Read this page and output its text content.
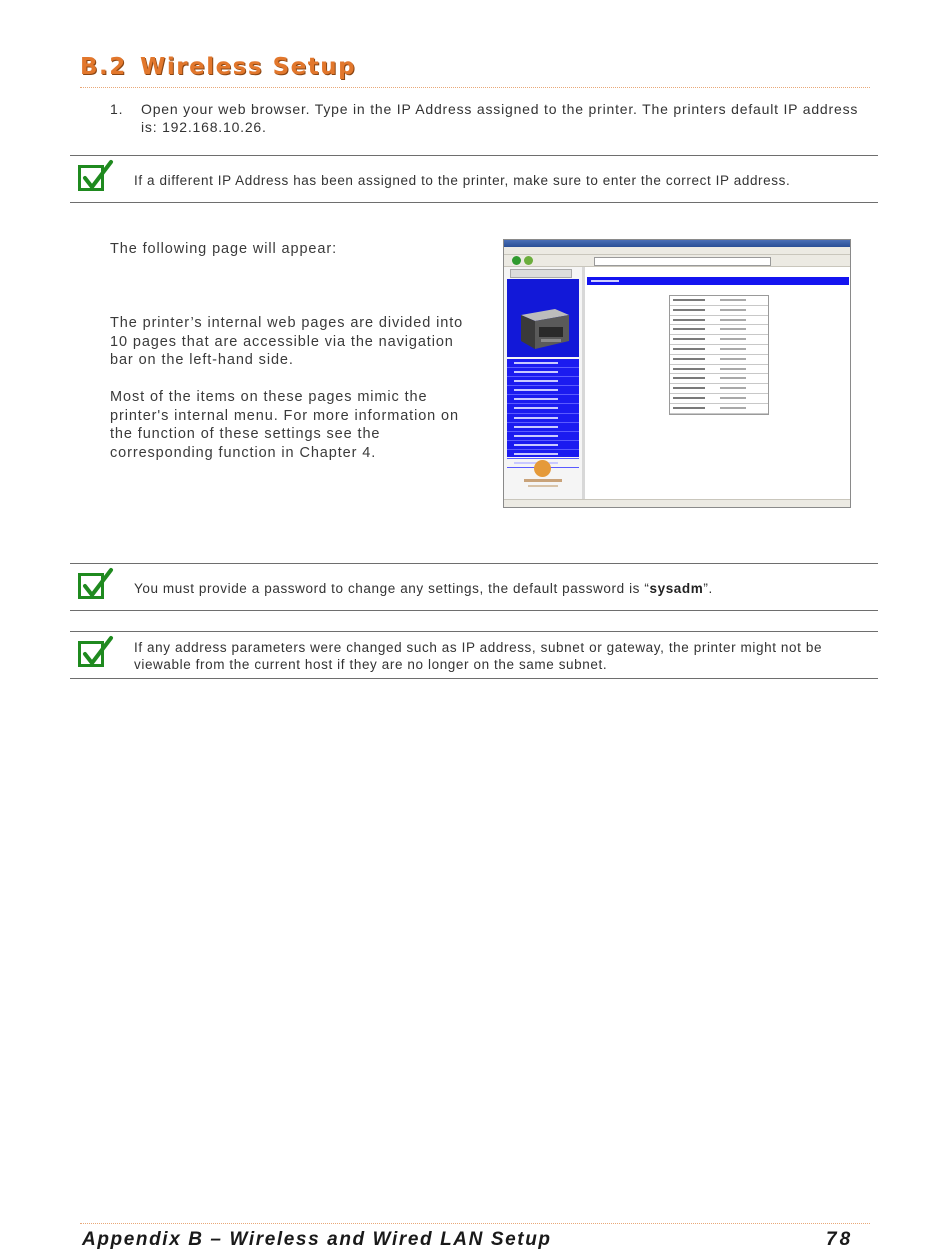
B.2 Wireless Setup
1. Open your web browser. Type in the IP Address assigned to the printer. The printers default IP address is: 192.168.10.26.
If a different IP Address has been assigned to the printer, make sure to enter the correct IP address.
The following page will appear:
The printer’s internal web pages are divided into 10 pages that are accessible via the navigation bar on the left-hand side.
Most of the items on these pages mimic the printer's internal menu. For more information on the function of these settings see the corresponding function in Chapter 4.
You must provide a password to change any settings, the default password is “sysadm”.
If any address parameters were changed such as IP address, subnet or gateway, the printer might not be viewable from the current host if they are no longer on the same subnet.

Appendix B – Wireless and Wired LAN Setup	78
